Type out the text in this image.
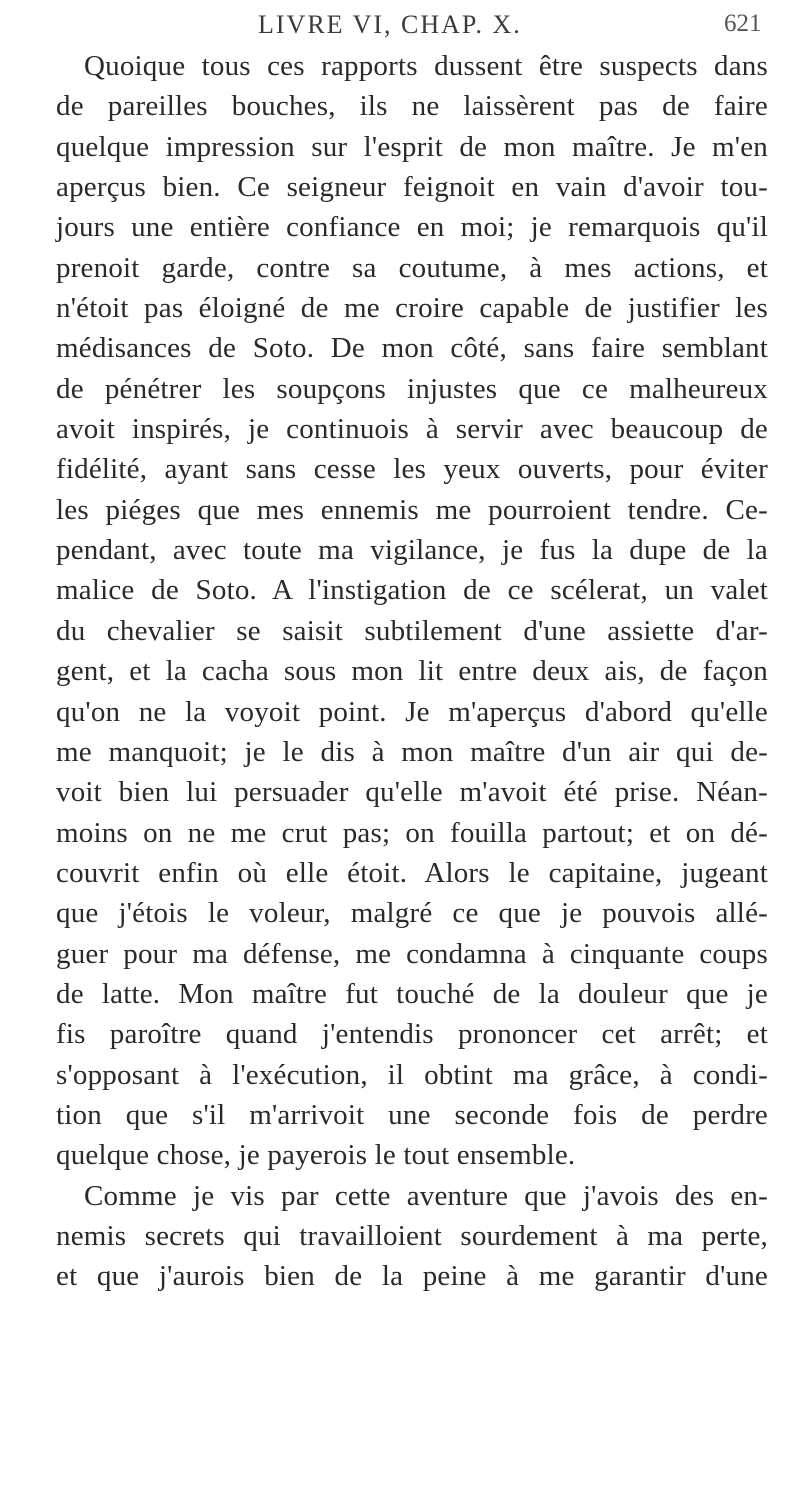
LIVRE VI, CHAP. X.	621
Quoique tous ces rapports dussent être suspects dans
de pareilles bouches, ils ne laissèrent pas de faire
quelque impression sur l'esprit de mon maître. Je m'en
aperçus bien. Ce seigneur feignoit en vain d'avoir tou-
jours une entière confiance en moi; je remarquois qu'il
prenoit garde, contre sa coutume, à mes actions, et
n'étoit pas éloigné de me croire capable de justifier les
médisances de Soto. De mon côté, sans faire semblant
de pénétrer les soupçons injustes que ce malheureux
avoit inspirés, je continuois à servir avec beaucoup de
fidélité, ayant sans cesse les yeux ouverts, pour éviter
les piéges que mes ennemis me pourroient tendre. Ce-
pendant, avec toute ma vigilance, je fus la dupe de la
malice de Soto. A l'instigation de ce scélerat, un valet
du chevalier se saisit subtilement d'une assiette d'ar-
gent, et la cacha sous mon lit entre deux ais, de façon
qu'on ne la voyoit point. Je m'aperçus d'abord qu'elle
me manquoit; je le dis à mon maître d'un air qui de-
voit bien lui persuader qu'elle m'avoit été prise. Néan-
moins on ne me crut pas; on fouilla partout; et on dé-
couvrit enfin où elle étoit. Alors le capitaine, jugeant
que j'étois le voleur, malgré ce que je pouvois allé-
guer pour ma défense, me condamna à cinquante coups
de latte. Mon maître fut touché de la douleur que je
fis paroître quand j'entendis prononcer cet arrêt; et
s'opposant à l'exécution, il obtint ma grâce, à condi-
tion que s'il m'arrivoit une seconde fois de perdre
quelque chose, je payerois le tout ensemble.
Comme je vis par cette aventure que j'avois des en-
nemis secrets qui travailloient sourdement à ma perte,
et que j'aurois bien de la peine à me garantir d'une
